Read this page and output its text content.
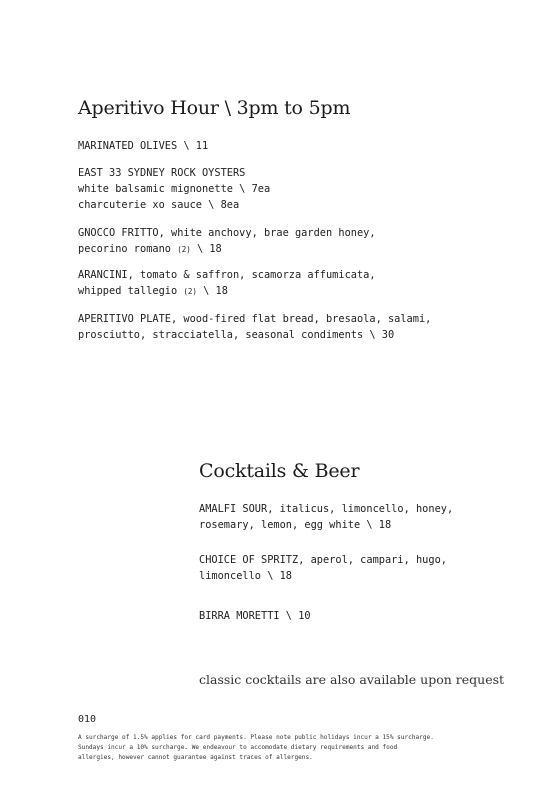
Aperitivo Hour \ 3pm to 5pm
MARINATED OLIVES \ 11
EAST 33 SYDNEY ROCK OYSTERS
white balsamic mignonette \ 7ea
charcuterie xo sauce \ 8ea
GNOCCO FRITTO, white anchovy, brae garden honey,
pecorino romano (2) \ 18
ARANCINI, tomato & saffron, scamorza affumicata,
whipped tallegio (2) \ 18
APERITIVO PLATE, wood-fired flat bread, bresaola, salami,
prosciutto, stracciatella, seasonal condiments \ 30
Cocktails & Beer
AMALFI SOUR, italicus, limoncello, honey,
rosemary, lemon, egg white \ 18
CHOICE OF SPRITZ, aperol, campari, hugo,
limoncello \ 18
BIRRA MORETTI \ 10
classic cocktails are also available upon request
010
A surcharge of 1.5% applies for card payments. Please note public holidays incur a 15% surcharge.
Sundays incur a 10% surcharge. We endeavour to accomodate dietary requirements and food
allergies, however cannot guarantee against traces of allergens.
